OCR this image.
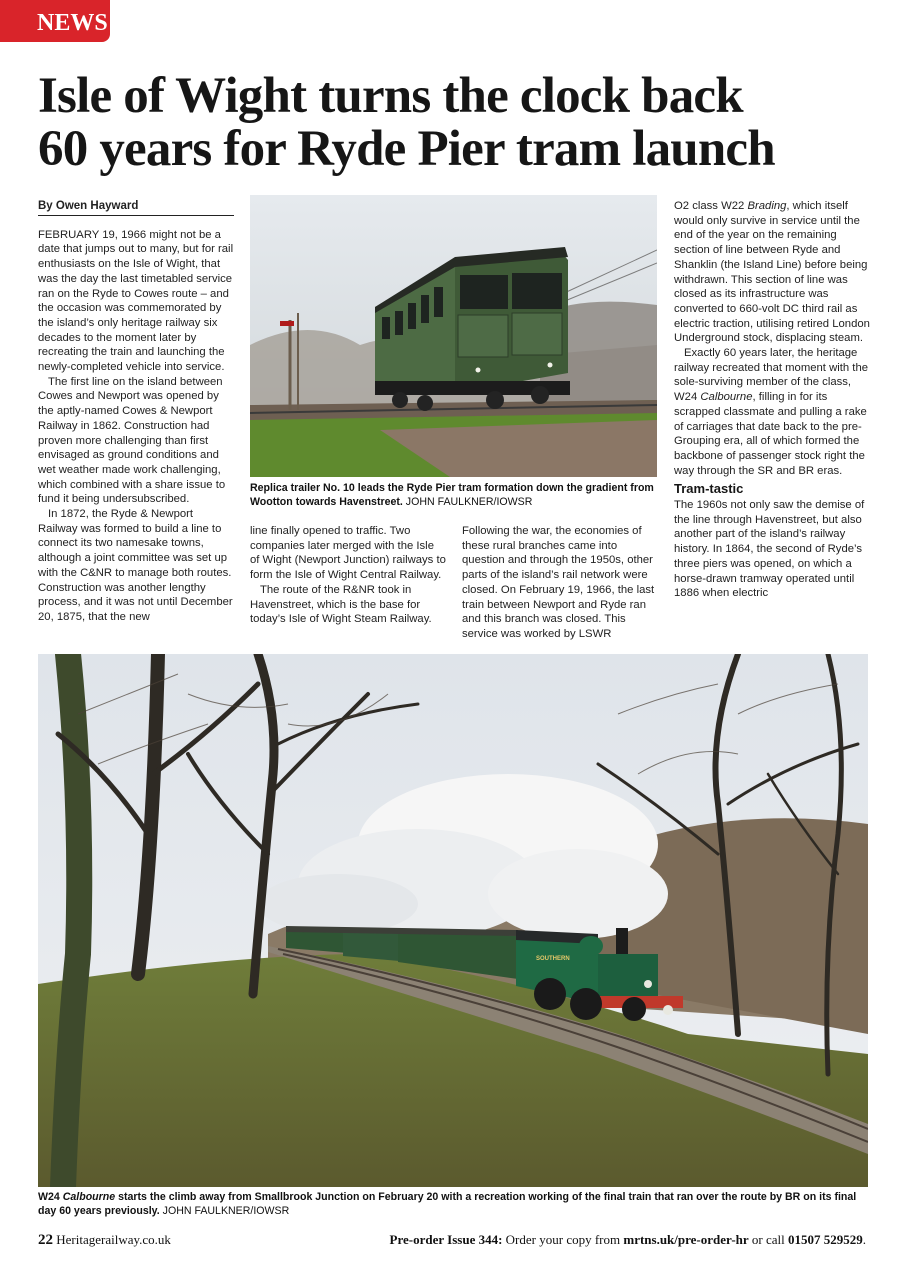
NEWS
Isle of Wight turns the clock back
60 years for Ryde Pier tram launch

By Owen Hayward

FEBRUARY 19, 1966 might not be a date that jumps out to many, but for rail enthusiasts on the Isle of Wight, that was the day the last timetabled service ran on the Ryde to Cowes route – and the occasion was commemorated by the island’s only heritage railway six decades to the moment later by recreating the train and launching the newly-completed vehicle into service.

The first line on the island between Cowes and Newport was opened by the aptly-named Cowes & Newport Railway in 1862. Construction had proven more challenging than first envisaged as ground conditions and wet weather made work challenging, which combined with a share issue to fund it being undersubscribed.

In 1872, the Ryde & Newport Railway was formed to build a line to connect its two namesake towns, although a joint committee was set up with the C&NR to manage both routes. Construction was another lengthy process, and it was not until December 20, 1875, that the new

Replica trailer No. 10 leads the Ryde Pier tram formation down the gradient from Wootton towards Havenstreet. JOHN FAULKNER/IOWSR

line finally opened to traffic. Two companies later merged with the Isle of Wight (Newport Junction) railways to form the Isle of Wight Central Railway.

The route of the R&NR took in Havenstreet, which is the base for today’s Isle of Wight Steam Railway.

Following the war, the economies of these rural branches came into question and through the 1950s, other parts of the island’s rail network were closed. On February 19, 1966, the last train between Newport and Ryde ran and this branch was closed. This service was worked by LSWR

O2 class W22 Brading, which itself would only survive in service until the end of the year on the remaining section of line between Ryde and Shanklin (the Island Line) before being withdrawn. This section of line was closed as its infrastructure was converted to 660-volt DC third rail as electric traction, utilising retired London Underground stock, displacing steam.

Exactly 60 years later, the heritage railway recreated that moment with the sole-surviving member of the class, W24 Calbourne, filling in for its scrapped classmate and pulling a rake of carriages that date back to the pre-Grouping era, all of which formed the backbone of passenger stock right the way through the SR and BR eras.

Tram-tastic

The 1960s not only saw the demise of the line through Havenstreet, but also another part of the island’s railway history. In 1864, the second of Ryde’s three piers was opened, on which a horse-drawn tramway operated until 1886 when electric

SOUTHERN
W24 Calbourne starts the climb away from Smallbrook Junction on February 20 with a recreation working of the final train that ran over the route by BR on its final day 60 years previously. JOHN FAULKNER/IOWSR
22 Heritagerailway.co.uk	Pre-order Issue 344: Order your copy from mrtns.uk/pre-order-hr or call 01507 529529.
